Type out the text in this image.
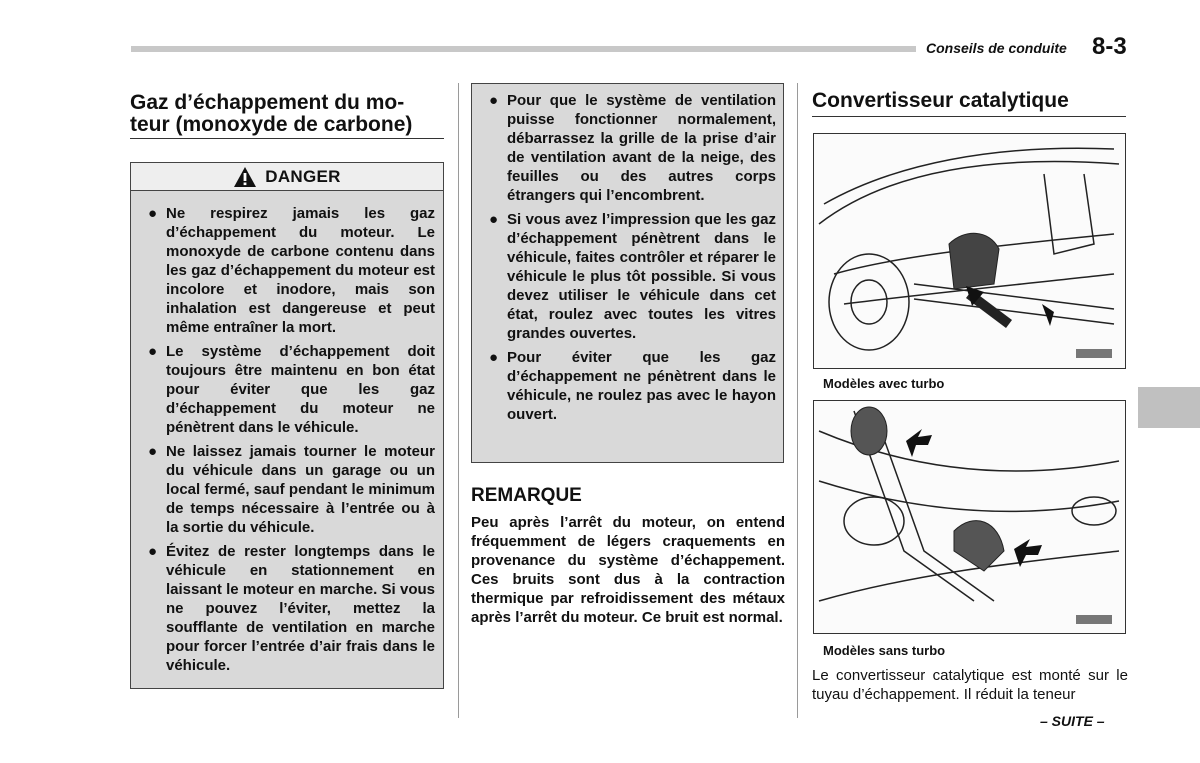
Conseils de conduite 8-3
Gaz d’échappement du mo-
teur (monoxyde de carbone)
DANGER
● Ne respirez jamais les gaz d’échappement du moteur. Le monoxyde de carbone contenu dans les gaz d’échappement du moteur est incolore et inodore, mais son inhalation est dangereuse et peut même entraîner la mort.
● Le système d’échappement doit toujours être maintenu en bon état pour éviter que les gaz d’échappement du moteur ne pénètrent dans le véhicule.
● Ne laissez jamais tourner le moteur du véhicule dans un garage ou un local fermé, sauf pendant le minimum de temps nécessaire à l’entrée ou à la sortie du véhicule.
● Évitez de rester longtemps dans le véhicule en stationnement en laissant le moteur en marche. Si vous ne pouvez l’éviter, mettez la soufflante de ventilation en marche pour forcer l’entrée d’air frais dans le véhicule.
● Pour que le système de ventilation puisse fonctionner normalement, débarrassez la grille de la prise d’air de ventilation avant de la neige, des feuilles ou des autres corps étrangers qui l’encombrent.
● Si vous avez l’impression que les gaz d’échappement pénètrent dans le véhicule, faites contrôler et réparer le véhicule le plus tôt possible. Si vous devez utiliser le véhicule dans cet état, roulez avec toutes les vitres grandes ouvertes.
● Pour éviter que les gaz d’échappement ne pénètrent dans le véhicule, ne roulez pas avec le hayon ouvert.
REMARQUE

Peu après l’arrêt du moteur, on entend fréquemment de légers craquements en provenance du système d’échappement. Ces bruits sont dus à la contraction thermique par refroidissement des métaux après l’arrêt du moteur. Ce bruit est normal.

Convertisseur catalytique
Modèles avec turbo
Modèles sans turbo

Le convertisseur catalytique est monté sur le tuyau d’échappement. Il réduit la teneur

– SUITE –
